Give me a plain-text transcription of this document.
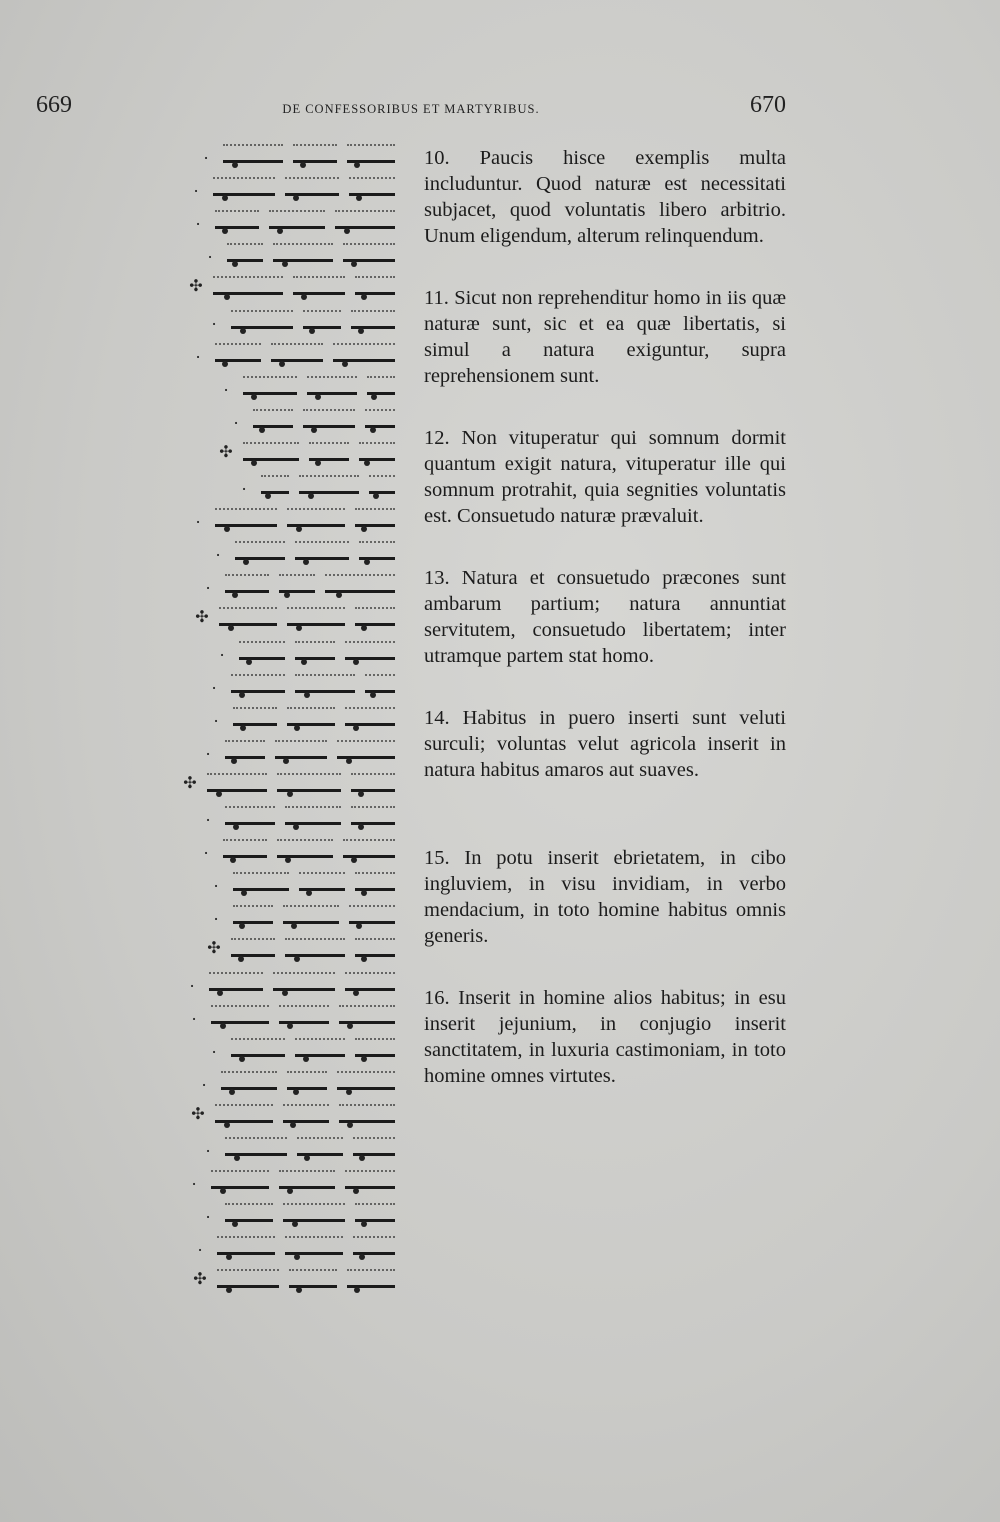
669	DE CONFESSORIBUS ET MARTYRIBUS.	670
.
.
.
.
✣
.
.
.
.
✣
.
.
.
.
✣
.
.
.
.
✣
.
.
.
.
✣
.
.
.
.
✣
.
.
.
.
✣

10. Paucis hisce exemplis multa includuntur. Quod naturæ est necessitati subjacet, quod voluntatis libero arbitrio. Unum eligendum, alterum relinquendum.

11. Sicut non reprehenditur homo in iis quæ naturæ sunt, sic et ea quæ libertatis, si simul a natura exiguntur, supra reprehensionem sunt.

12. Non vituperatur qui somnum dormit quantum exigit natura, vituperatur ille qui somnum protrahit, quia segnities voluntatis est. Consuetudo naturæ prævaluit.

13. Natura et consuetudo præcones sunt ambarum partium; natura annuntiat servitutem, consuetudo libertatem; inter utramque partem stat homo.

14. Habitus in puero inserti sunt veluti surculi; voluntas velut agricola inserit in natura habitus amaros aut suaves.

15. In potu inserit ebrietatem, in cibo ingluviem, in visu invidiam, in verbo mendacium, in toto homine habitus omnis generis.

16. Inserit in homine alios habitus; in esu inserit jejunium, in conjugio inserit sanctitatem, in luxuria castimoniam, in toto homine omnes virtutes.
